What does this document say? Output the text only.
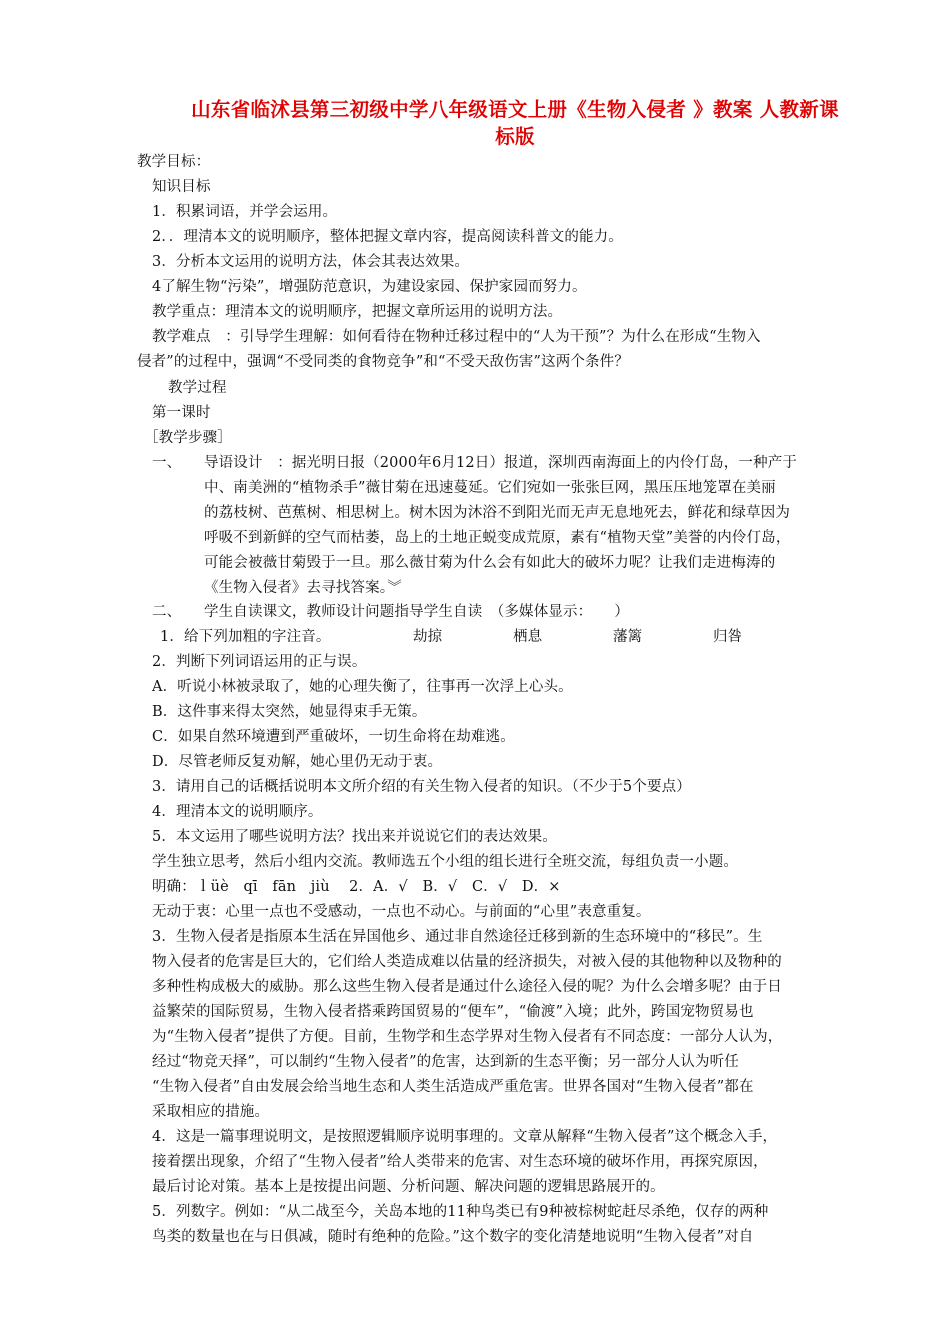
山东省临沭县第三初级中学八年级语文上册《生物入侵者 》教案 人教新课
标版
教学目标：
知识目标
1．积累词语，并学会运用。
2．．理清本文的说明顺序，整体把握文章内容，提高阅读科普文的能力。
3．分析本文运用的说明方法，体会其表达效果。
4了解生物“污染”，增强防范意识，为建设家园、保护家园而努力。
教学重点：理清本文的说明顺序，把握文章所运用的说明方法。
教学难点　：引导学生理解：如何看待在物种迁移过程中的“人为干预”？为什么在形成“生物入
侵者”的过程中，强调“不受同类的食物竞争”和“不受天敌伤害”这两个条件？
教学过程
第一课时
［教学步骤］
一、 导语设计　：据光明日报（2000年6月12日）报道，深圳西南海面上的内伶仃岛，一种产于
中、南美洲的“植物杀手”薇甘菊在迅速蔓延。它们宛如一张张巨网，黑压压地笼罩在美丽
的荔枝树、芭蕉树、相思树上。树木因为沐浴不到阳光而无声无息地死去，鲜花和绿草因为
呼吸不到新鲜的空气而枯萎，岛上的土地正蜕变成荒原，素有“植物天堂”美誉的内伶仃岛，
可能会被薇甘菊毁于一旦。那么薇甘菊为什么会有如此大的破坏力呢？让我们走进梅涛的
《生物入侵者》去寻找答案。︾
二、 学生自读课文，教师设计问题指导学生自读　（多媒体显示：　　）
1．给下列加粗的字注音。	劫掠	栖息	藩篱	归咎
2．判断下列词语运用的正与误。
A．听说小林被录取了，她的心理失衡了，往事再一次浮上心头。
B．这件事来得太突然，她显得束手无策。
C．如果自然环境遭到严重破坏，一切生命将在劫难逃。
D．尽管老师反复劝解，她心里仍无动于衷。
3．请用自己的话概括说明本文所介绍的有关生物入侵者的知识。（不少于5个要点）
4．理清本文的说明顺序。
5．本文运用了哪些说明方法？找出来并说说它们的表达效果。
学生独立思考，然后小组内交流。教师选五个小组的组长进行全班交流，每组负责一小题。
明确：ｌüè　qī　fān　jiù　 2．A．√　B．√　C．√　D．×
无动于衷：心里一点也不受感动，一点也不动心。与前面的“心里”表意重复。
3．生物入侵者是指原本生活在异国他乡、通过非自然途径迁移到新的生态环境中的“移民”。生
物入侵者的危害是巨大的，它们给人类造成难以估量的经济损失，对被入侵的其他物种以及物种的
多种性构成极大的威胁。那么这些生物入侵者是通过什么途径入侵的呢？为什么会增多呢？由于日
益繁荣的国际贸易，生物入侵者搭乘跨国贸易的“便车”，“偷渡”入境；此外，跨国宠物贸易也
为“生物入侵者”提供了方便。目前，生物学和生态学界对生物入侵者有不同态度：一部分人认为，
经过“物竞天择”，可以制约“生物入侵者”的危害，达到新的生态平衡；另一部分人认为听任
“生物入侵者”自由发展会给当地生态和人类生活造成严重危害。世界各国对“生物入侵者”都在
采取相应的措施。
4．这是一篇事理说明文，是按照逻辑顺序说明事理的。文章从解释“生物入侵者”这个概念入手，
接着摆出现象，介绍了“生物入侵者”给人类带来的危害、对生态环境的破坏作用，再探究原因，
最后讨论对策。基本上是按提出问题、分析问题、解决问题的逻辑思路展开的。
5．列数字。例如：“从二战至今，关岛本地的11种鸟类已有9种被棕树蛇赶尽杀绝，仅存的两种
鸟类的数量也在与日俱减，随时有绝种的危险。”这个数字的变化清楚地说明“生物入侵者”对自
